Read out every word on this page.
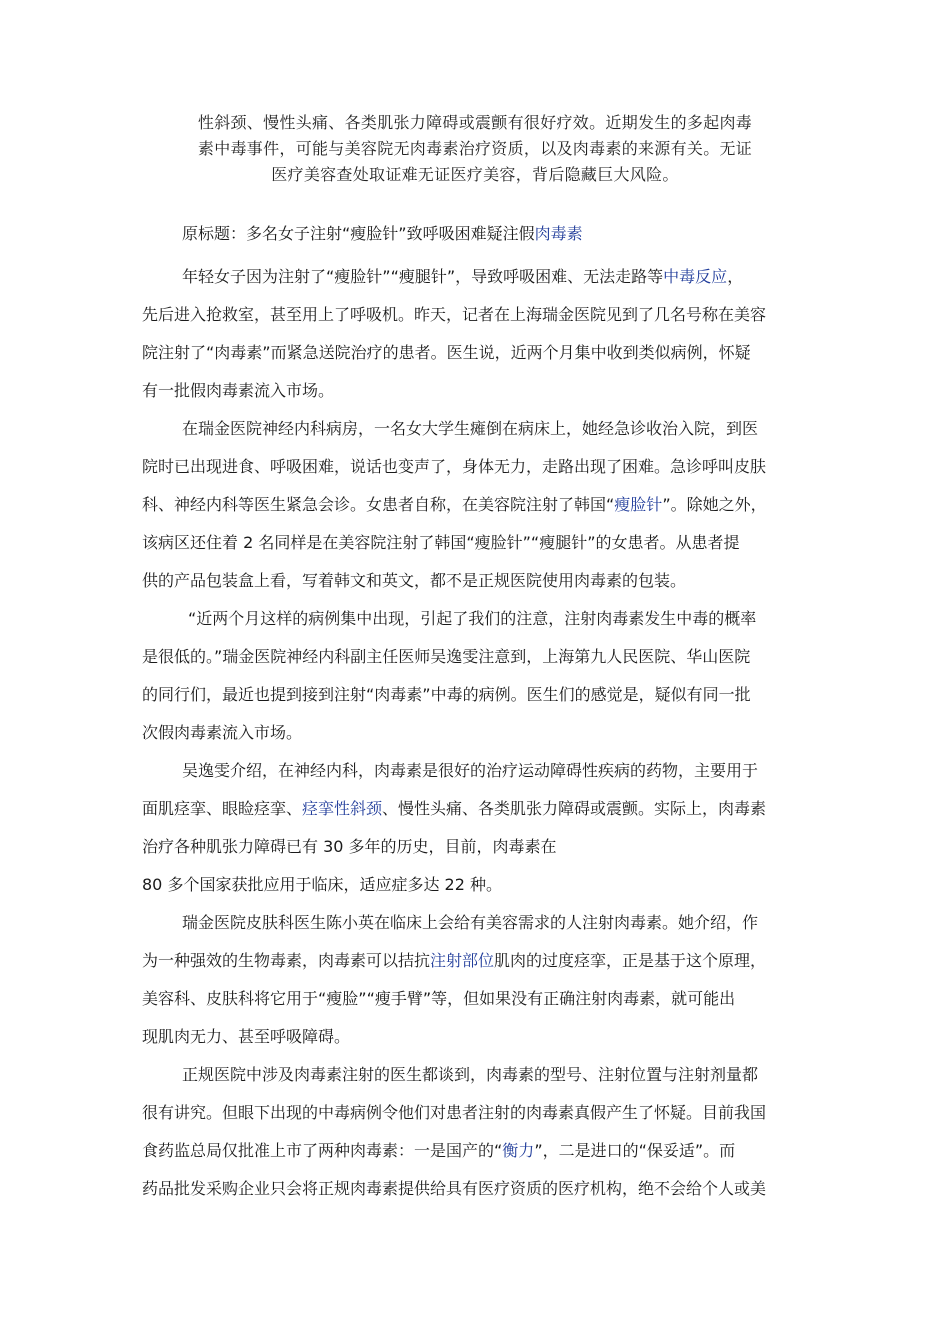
性斜颈、慢性头痛、各类肌张力障碍或震颤有很好疗效。近期发生的多起肉毒
素中毒事件，可能与美容院无肉毒素治疗资质，以及肉毒素的来源有关。无证
医疗美容查处取证难无证医疗美容，背后隐藏巨大风险。
原标题：多名女子注射“瘦脸针”致呼吸困难疑注假肉毒素
年轻女子因为注射了“瘦脸针”“瘦腿针”，导致呼吸困难、无法走路等中毒反应，
先后进入抢救室，甚至用上了呼吸机。昨天，记者在上海瑞金医院见到了几名号称在美容
院注射了“肉毒素”而紧急送院治疗的患者。医生说，近两个月集中收到类似病例，怀疑
有一批假肉毒素流入市场。
在瑞金医院神经内科病房，一名女大学生瘫倒在病床上，她经急诊收治入院，到医
院时已出现进食、呼吸困难，说话也变声了，身体无力，走路出现了困难。急诊呼叫皮肤
科、神经内科等医生紧急会诊。女患者自称，在美容院注射了韩国“瘦脸针”。除她之外，
该病区还住着 2 名同样是在美容院注射了韩国“瘦脸针”“瘦腿针”的女患者。从患者提
供的产品包装盒上看，写着韩文和英文，都不是正规医院使用肉毒素的包装。
“近两个月这样的病例集中出现，引起了我们的注意，注射肉毒素发生中毒的概率
是很低的。”瑞金医院神经内科副主任医师吴逸雯注意到，上海第九人民医院、华山医院
的同行们，最近也提到接到注射“肉毒素”中毒的病例。医生们的感觉是，疑似有同一批
次假肉毒素流入市场。
吴逸雯介绍，在神经内科，肉毒素是很好的治疗运动障碍性疾病的药物，主要用于
面肌痉挛、眼睑痉挛、痉挛性斜颈、慢性头痛、各类肌张力障碍或震颤。实际上，肉毒素
治疗各种肌张力障碍已有 30 多年的历史，目前，肉毒素在
80 多个国家获批应用于临床，适应症多达 22 种。
瑞金医院皮肤科医生陈小英在临床上会给有美容需求的人注射肉毒素。她介绍，作
为一种强效的生物毒素，肉毒素可以拮抗注射部位肌肉的过度痉挛，正是基于这个原理，
美容科、皮肤科将它用于“瘦脸”“瘦手臂”等，但如果没有正确注射肉毒素，就可能出
现肌肉无力、甚至呼吸障碍。
正规医院中涉及肉毒素注射的医生都谈到，肉毒素的型号、注射位置与注射剂量都
很有讲究。但眼下出现的中毒病例令他们对患者注射的肉毒素真假产生了怀疑。目前我国
食药监总局仅批准上市了两种肉毒素：一是国产的“衡力”，二是进口的“保妥适”。而
药品批发采购企业只会将正规肉毒素提供给具有医疗资质的医疗机构，绝不会给个人或美
